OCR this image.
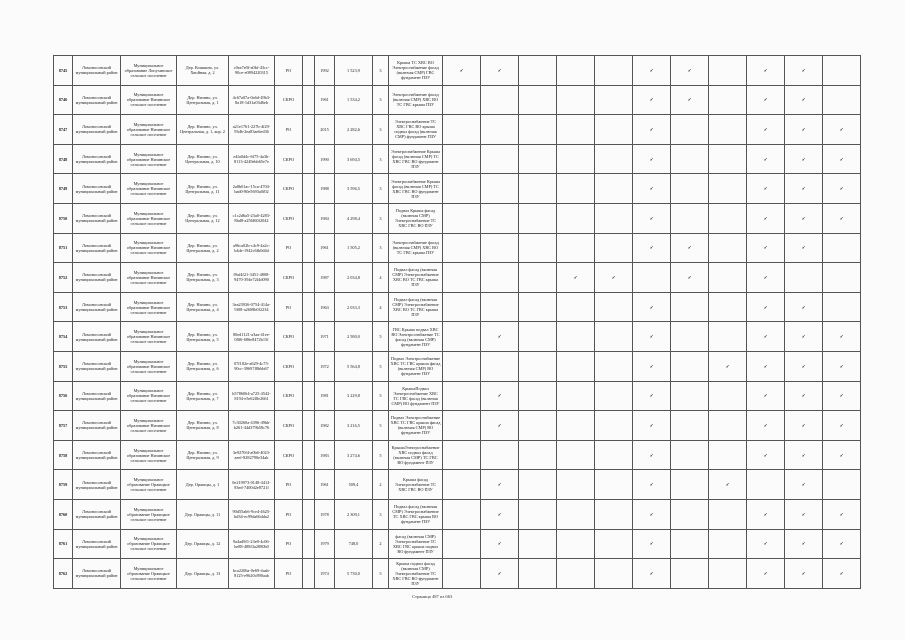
8745	Ломоносовский муниципальный район	Муниципальное образование Лопухинское сельское поселение	Дер. Кошкино, ул. Хвойная, д. 2	c0ea7e0f-a0bf-43cc-90ce-e0894220315	РО		1992	1 523,9	3	Крыша ТС ХВС ВО Электроснабжение фасад (включая СМР) ГВС фундамент ПЗУ	✓	✓				✓	✓		✓	✓	
8746	Ломоносовский муниципальный район	Муниципальное образование Низинское сельское поселение	Дер. Низино, ул. Центральная, д. 1	4c67a07a-0a6d-49b3-8a18-1d31a03d6eb	СКРО		1961	1 534,2	3	Электроснабжение фасад (включая СМР) ХВС ВО ТС ГВС крыша ПЗУ						✓	✓		✓	✓	
8747	Ломоносовский муниципальный район	Муниципальное образование Низинское сельское поселение	Дер. Низино, ул. Центральная, д. 1, кор. 2	a21e1761-227b-4f29-93db-2ea83ae6ed36	РО		2015	2 282,6	3	Электроснабжение ТС ХВС ГВС ВО крыша подвал фасад (включая СМР) фундамент ПЗУ						✓			✓	✓	✓
8748	Ломоносовский муниципальный район	Муниципальное образование Низинское сельское поселение	Дер. Низино, ул. Центральная, д. 10	e4fa0d4c-6f75-4a3b-8113-4249ebb65e7e	СКРО		1990	3 694,5	3	Электроснабжение Крыша фасад (включая СМР) ТС ХВС ГВС ВО фундамент ПЗУ						✓			✓	✓	✓
8749	Ломоносовский муниципальный район	Муниципальное образование Низинское сельское поселение	Дер. Низино, ул. Центральная, д. 11	2a8b01ac-15ca-4704-bad0-80e5693a0f02	СКРО		1988	3 596,5	3	Электроснабжение Крыша фасад (включая СМР) ТС ХВС ГВС ВО фундамент ПЗУ						✓			✓	✓	✓
8750	Ломоносовский муниципальный район	Муниципальное образование Низинское сельское поселение	Дер. Низино, ул. Центральная, д. 12	c1c2d6a5-23a0-4283-8bd8-a256f60f2042	СКРО		1984	4 298,4	3	Подвал Крыша фасад (включая СМР) Электроснабжение ТС ХВС ГВС ВО ПЗУ						✓			✓	✓	✓
8751	Ломоносовский муниципальный район	Муниципальное образование Низинское сельское поселение	Дер. Низино, ул. Центральная, д. 2	a96ca02b-c4c9-4a2c-b4de-1942c6fb0d4d	РО		1961	1 505,2	3	Электроснабжение фасад (включая СМР) ХВС ВО ТС ГВС крыша ПЗУ						✓	✓		✓	✓	
8752	Ломоносовский муниципальный район	Муниципальное образование Низинское сельское поселение	Дер. Низино, ул. Центральная, д. 3	f9af4f21-3451-4808-9470-394e72f4d090	СКРО		1987	2 034,8	4	Подвал фасад (включая СМР) Электроснабжение ХВС ВО ТС ГВС крыша ПЗУ				✓	✓		✓		✓		
8753	Ломоносовский муниципальный район	Муниципальное образование Низинское сельское поселение	Дер. Низино, ул. Центральная, д. 4	3ea23936-0754-414a-9f08-a2608b0f2234	РО		1963	2 033,3	4	Подвал фасад (включая СМР) Электроснабжение ХВС ВО ТС ГВС крыша ПЗУ						✓			✓	✓	
8754	Ломоносовский муниципальный район	Муниципальное образование Низинское сельское поселение	Дер. Низино, ул. Центральная, д. 5	80ed1121-a3aa-41ee-08f6-686e8472b15f	СКРО		1971	2 580,0	5	ГВС Крыша подвал ХВС ВО Электроснабжение ТС фасад (включая СМР) фундамент ПЗУ		✓				✓			✓	✓	✓
8755	Ломоносовский муниципальный район	Муниципальное образование Низинское сельское поселение	Дер. Низино, ул. Центральная, д. 6	07f182e-a629-4c75-90cc-39697f8bbb67	СКРО		1972	5 564,8	5	Подвал Электроснабжение ХВС ТС ГВС крыша фасад (включая СМР) ВО фундамент ПЗУ						✓		✓	✓	✓	✓
8756	Ломоносовский муниципальный район	Муниципальное образование Низинское сельское поселение	Дер. Низино, ул. Центральная, д. 7	b5786064-a725-4542-8194-e5e62f8e2661	СКРО		1981	3 229,8	5	КрышаПодвал Электроснабжение ХВС ТС ГВС фасад (включая СМР) ВО фундамент ПЗУ		✓				✓			✓	✓	✓
8757	Ломоносовский муниципальный район	Муниципальное образование Низинское сельское поселение	Дер. Низино, ул. Центральная, д. 8	7c30260a-4396-49bb-b261-44d379b58c76	СКРО		1982	3 216,5	5	Подвал Электроснабжение ХВС ТС ГВС крыша фасад (включая СМР) ВО фундамент ПЗУ		✓				✓			✓	✓	✓
8758	Ломоносовский муниципальный район	Муниципальное образование Низинское сельское поселение	Дер. Низино, ул. Центральная, д. 9	3e9270f4-a0b6-4023-aeef-8282790e34ab	СКРО		1983	3 274,6	5	КрышаЭлектроснабжение ХВС подвал фасад (включая СМР) ТС ГВС ВО фундамент ПЗУ						✓			✓	✓	✓
8759	Ломоносовский муниципальный район	Муниципальное образование Оржицкое сельское поселение	Дер. Оржицы, д. 1	0e219973-0148-4412-83ed-7400d2e8721f	РО		1961	509,4	2	Крыша фасад Электроснабжение ТС ХВС ГВС ВО ПЗУ		✓				✓		✓		✓	
8760	Ломоносовский муниципальный район	Муниципальное образование Оржицкое сельское поселение	Дер. Оржицы, д. 11	90d55ab6-9ce4-4625-bd34-ec99da66dda2	РО		1978	2 309,1	3	Подвал фасад (включая СМР) Электроснабжение ТС ХВС ГВС крыша ВО фундамент ПЗУ		✓				✓			✓	✓	✓
8761	Ломоносовский муниципальный район	Муниципальное образование Оржицкое сельское поселение	Дер. Оржицы, д. 12	9a4ad9f1-23e8-4c06-be88-488f3a2880b0	РО		1979	748,0	2	фасад (включая СМР) Электроснабжение ТС ХВС ГВС крыша подвал ВО фундамент ПЗУ		✓				✓			✓	✓	✓
8762	Ломоносовский муниципальный район	Муниципальное образование Оржицкое сельское поселение	Дер. Оржицы, д. 13	bca2206a-0e69-4aab-8125-e9620c890aab	РО		1974	5 730,0	5	Крыша подвал фасад (включая СМР) Электроснабжение ТС ХВС ГВС ВО фундамент ПЗУ		✓				✓			✓	✓	✓
Страница 487 из 663
